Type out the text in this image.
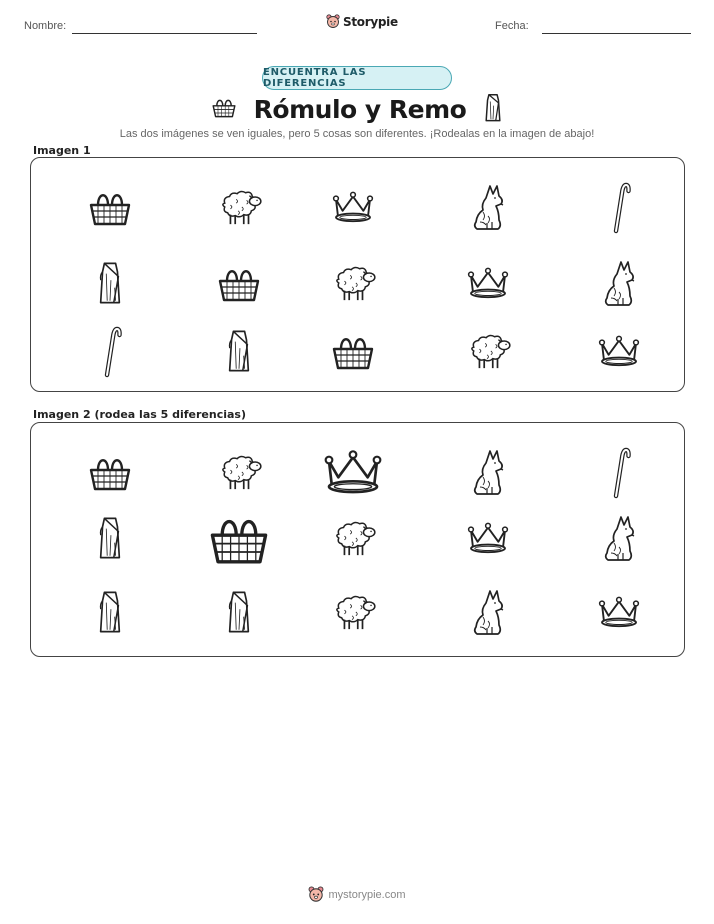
Nombre:	Storypie	Fecha:
ENCUENTRA LAS DIFERENCIAS
Rómulo y Remo
Las dos imágenes se ven iguales, pero 5 cosas son diferentes. ¡Rodealas en la imagen de abajo!
Imagen 1
Imagen 2 (rodea las 5 diferencias)
mystorypie.com
